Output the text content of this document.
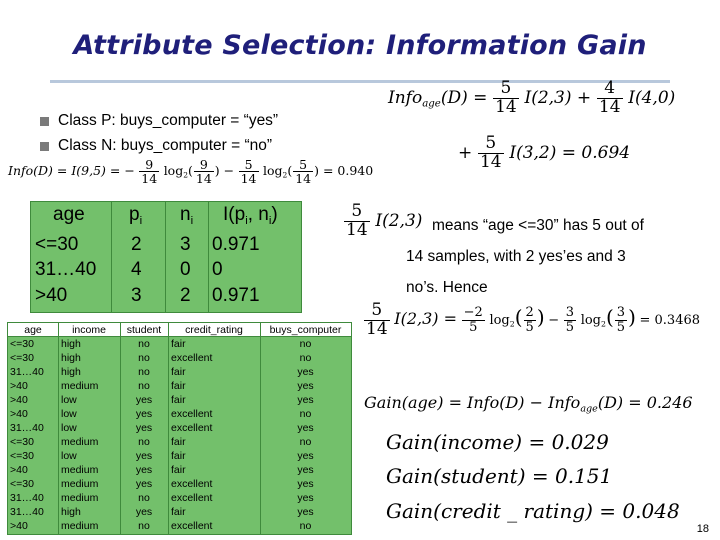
Attribute Selection: Information Gain
Class P: buys_computer = “yes”
Class N: buys_computer = “no”
Info(D) = I(9,5) = − $\frac{9}{14} \log_2( \frac{9}{14}$ ) − $\frac{5}{14} \log_2( \frac{5}{14}$ ) = 0.940
Info$_{age}$(D) = $\frac{5}{14} I(2,3) + \frac{4}{14} I(4,0)$
+ $\frac{5}{14} I(3,2) = 0.694$
age $p_i$ $n_i$ $I(p_i$, $n_i$)
<=30	2 3 0.971
31…40 4 0 0
>40	3 2 0.971
$\frac{5}{14} I(2,3)$ means “age <=30” has 5 out of
14 samples, with 2 yes’es and 3
no’s. Hence
$\frac{5}{14} I(2,3) = \frac{-2}{5} \log_2( \frac{2}{5}$ ) − $\frac{3}{5} \log_2( \frac{3}{5}$ ) = 0.3468
Gain(age) = Info(D) − Info$_{age}$(D) = 0.246
Gain(income) = 0.029
Gain(student) = 0.151
Gain(credit _ rating) = 0.048
age	income	student	credit_rating	buys_computer
<=30	high	no	fair	no
<=30	high	no	excellent	no
31…40	high	no	fair	yes
>40	medium	no	fair	yes
>40	low	yes	fair	yes
>40	low	yes	excellent	no
31…40	low	yes	excellent	yes
<=30	medium	no	fair	no
<=30	low	yes	fair	yes
>40	medium	yes	fair	yes
<=30	medium	yes	excellent	yes
31…40	medium	no	excellent	yes
31…40	high	yes	fair	yes
>40	medium	no	excellent	no	18
